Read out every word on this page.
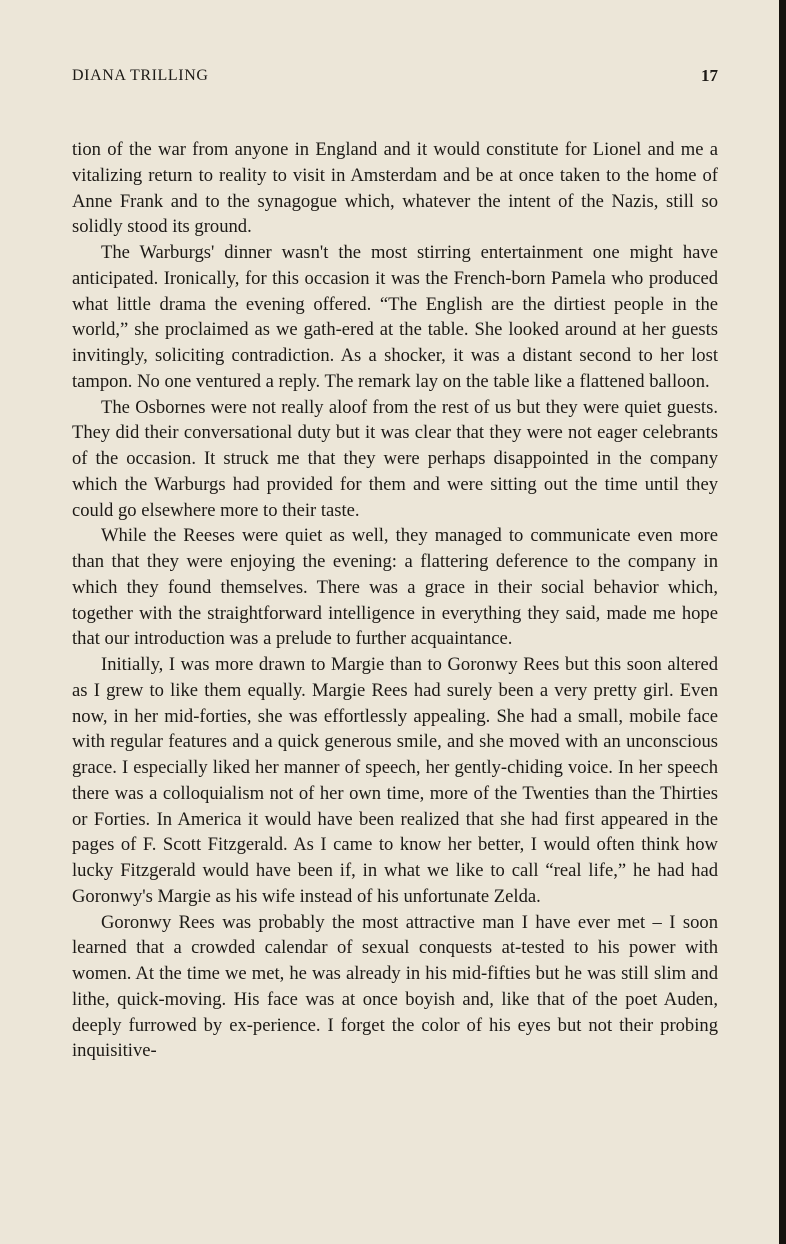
DIANA TRILLING	17

tion of the war from anyone in England and it would constitute for Lionel and me a vitalizing return to reality to visit in Amsterdam and be at once taken to the home of Anne Frank and to the synagogue which, whatever the intent of the Nazis, still so solidly stood its ground.

The Warburgs' dinner wasn't the most stirring entertainment one might have anticipated. Ironically, for this occasion it was the French-born Pamela who produced what little drama the evening offered. “The English are the dirtiest people in the world,” she proclaimed as we gath-ered at the table. She looked around at her guests invitingly, soliciting contradiction. As a shocker, it was a distant second to her lost tampon. No one ventured a reply. The remark lay on the table like a flattened balloon.

The Osbornes were not really aloof from the rest of us but they were quiet guests. They did their conversational duty but it was clear that they were not eager celebrants of the occasion. It struck me that they were perhaps disappointed in the company which the Warburgs had provided for them and were sitting out the time until they could go elsewhere more to their taste.

While the Reeses were quiet as well, they managed to communicate even more than that they were enjoying the evening: a flattering deference to the company in which they found themselves. There was a grace in their social behavior which, together with the straightforward intelligence in everything they said, made me hope that our introduction was a prelude to further acquaintance.

Initially, I was more drawn to Margie than to Goronwy Rees but this soon altered as I grew to like them equally. Margie Rees had surely been a very pretty girl. Even now, in her mid-forties, she was effortlessly appealing. She had a small, mobile face with regular features and a quick generous smile, and she moved with an unconscious grace. I especially liked her manner of speech, her gently-chiding voice. In her speech there was a colloquialism not of her own time, more of the Twenties than the Thirties or Forties. In America it would have been realized that she had first appeared in the pages of F. Scott Fitzgerald. As I came to know her better, I would often think how lucky Fitzgerald would have been if, in what we like to call “real life,” he had had Goronwy's Margie as his wife instead of his unfortunate Zelda.

Goronwy Rees was probably the most attractive man I have ever met – I soon learned that a crowded calendar of sexual conquests at-tested to his power with women. At the time we met, he was already in his mid-fifties but he was still slim and lithe, quick-moving. His face was at once boyish and, like that of the poet Auden, deeply furrowed by ex-perience. I forget the color of his eyes but not their probing inquisitive-
